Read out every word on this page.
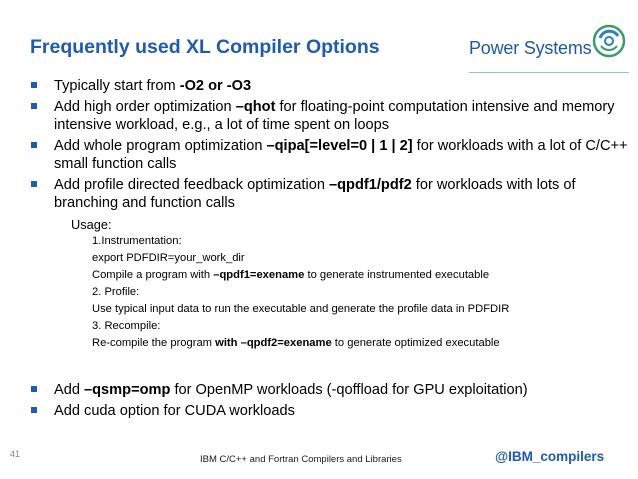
Frequently used XL Compiler Options	Power Systems
Typically start from -O2 or -O3
Add high order optimization –qhot for floating-point computation intensive and memory intensive workload, e.g., a lot of time spent on loops
Add whole program optimization –qipa[=level=0 | 1 | 2] for workloads with a lot of C/C++ small function calls
Add profile directed feedback optimization –qpdf1/pdf2 for workloads with lots of branching and function calls
Usage:
1.Instrumentation:
export PDFDIR=your_work_dir
Compile a program with –qpdf1=exename to generate instrumented executable
2. Profile:
Use typical input data to run the executable and generate the profile data in PDFDIR
3. Recompile:
Re-compile the program with –qpdf2=exename to generate optimized executable
Add –qsmp=omp for OpenMP workloads (-qoffload for GPU exploitation)
Add cuda option for CUDA workloads
41	IBM C/C++ and Fortran Compilers and Libraries	@IBM_compilers
